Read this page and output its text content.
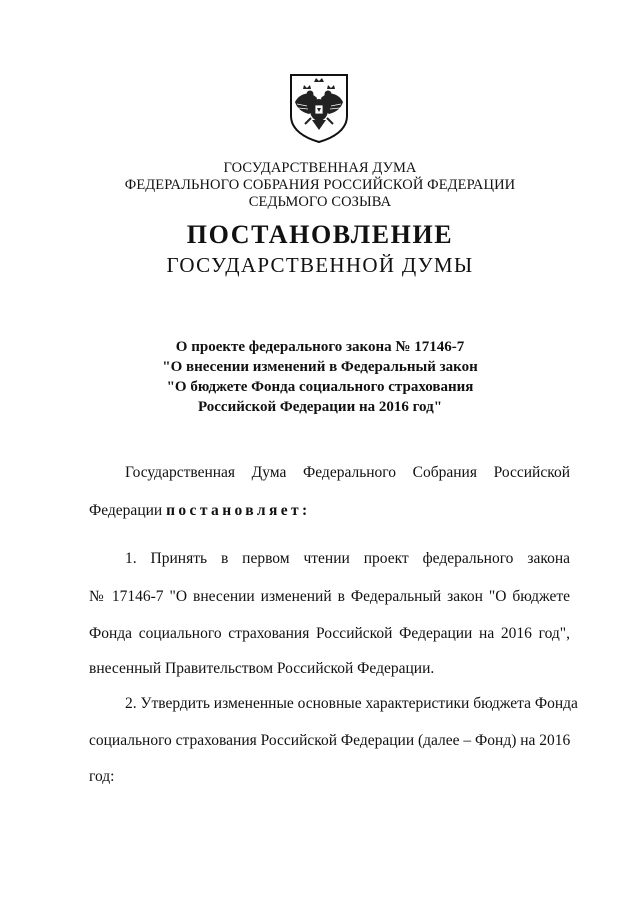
ГОСУДАРСТВЕННАЯ ДУМА
ФЕДЕРАЛЬНОГО СОБРАНИЯ РОССИЙСКОЙ ФЕДЕРАЦИИ
СЕДЬМОГО СОЗЫВА
ПОСТАНОВЛЕНИЕ
ГОСУДАРСТВЕННОЙ ДУМЫ
О проекте федерального закона № 17146-7
"О внесении изменений в Федеральный закон
"О бюджете Фонда социального страхования
Российской Федерации на 2016 год"
Государственная Дума Федерального Собрания Российской
Федерации постановляет:
1. Принять в первом чтении проект федерального закона
№ 17146-7 "О внесении изменений в Федеральный закон "О бюджете
Фонда социального страхования Российской Федерации на 2016 год",
внесенный Правительством Российской Федерации.
2. Утвердить измененные основные характеристики бюджета Фонда
социального страхования Российской Федерации (далее – Фонд) на 2016
год:
